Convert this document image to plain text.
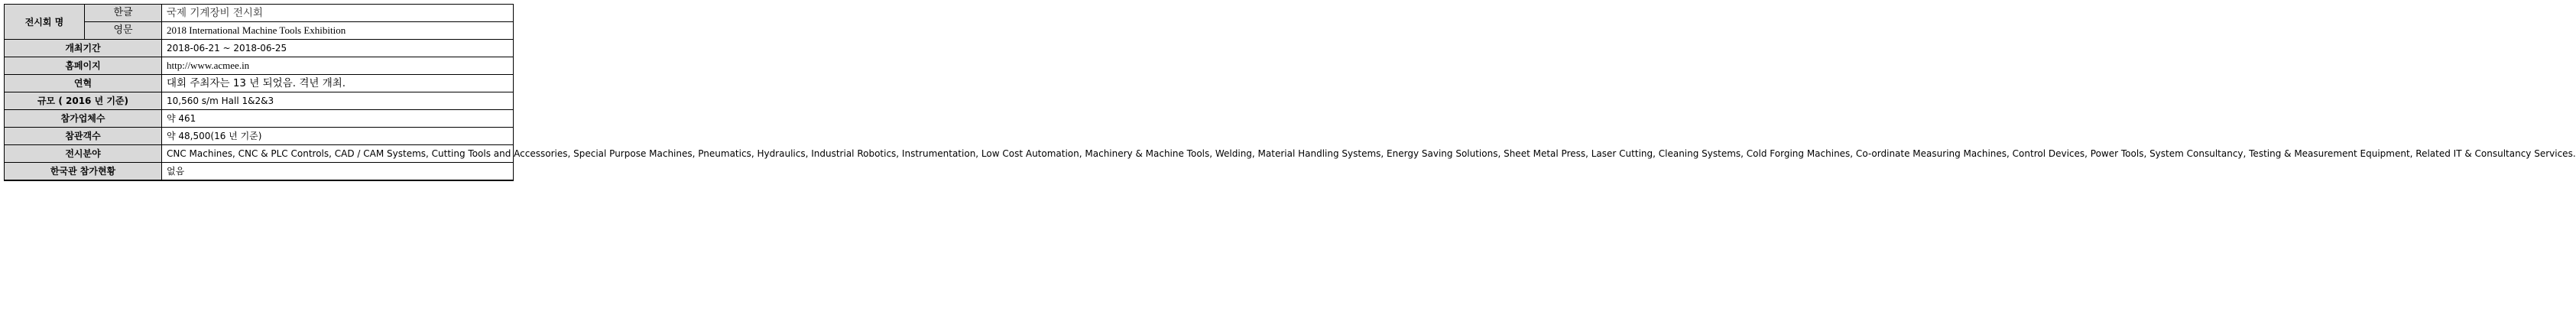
전시회 명	한글	국제 기계장비 전시회
	영문	2018 International Machine Tools Exhibition
개최기간		2018-06-21 ~ 2018-06-25
홈페이지		http://www.acmee.in
연혁		대회 주최자는 13 년 되었음. 격년 개최.
규모 ( 2016 년 기준)		10,560 s/m Hall 1&2&3
참가업체수		약 461
참관객수		약 48,500(16 년 기준)
전시분야		CNC Machines, CNC & PLC Controls, CAD / CAM Systems, Cutting Tools and Accessories, Special Purpose Machines, Pneumatics, Hydraulics, Industrial Robotics, Instrumentation, Low Cost Automation, Machinery & Machine Tools, Welding, Material Handling Systems, Energy Saving Solutions, Sheet Metal Press, Laser Cutting, Cleaning Systems, Cold Forging Machines, Co-ordinate Measuring Machines, Control Devices, Power Tools, System Consultancy, Testing & Measurement Equipment, Related IT & Consultancy Services.
한국관 참가현황		없음
